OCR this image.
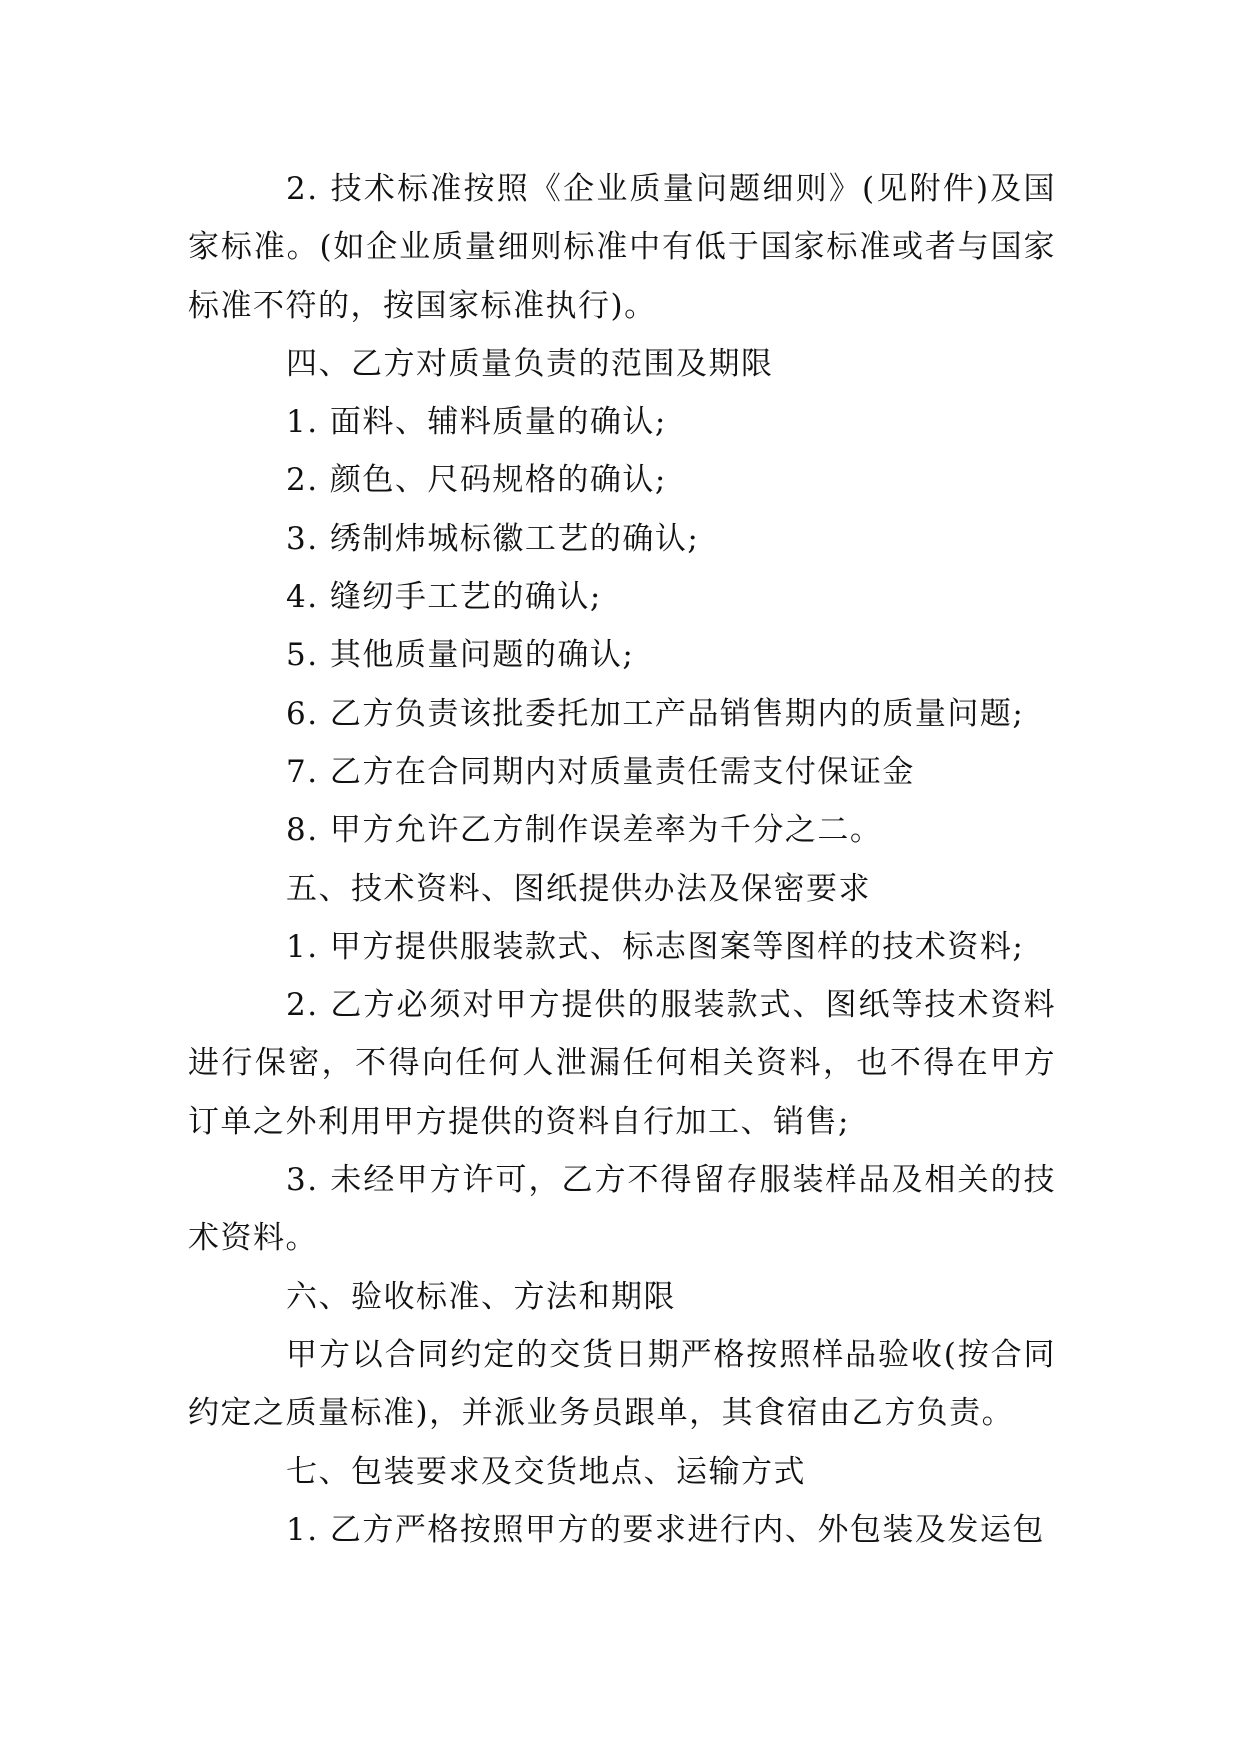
2. 技术标准按照《企业质量问题细则》(见附件)及国家标准。(如企业质量细则标准中有低于国家标准或者与国家标准不符的，按国家标准执行)。

四、乙方对质量负责的范围及期限

1. 面料、辅料质量的确认;

2. 颜色、尺码规格的确认;

3. 绣制炜城标徽工艺的确认;

4. 缝纫手工艺的确认;

5. 其他质量问题的确认;

6. 乙方负责该批委托加工产品销售期内的质量问题;

7. 乙方在合同期内对质量责任需支付保证金

8. 甲方允许乙方制作误差率为千分之二。

五、技术资料、图纸提供办法及保密要求

1. 甲方提供服装款式、标志图案等图样的技术资料;

2. 乙方必须对甲方提供的服装款式、图纸等技术资料进行保密，不得向任何人泄漏任何相关资料，也不得在甲方订单之外利用甲方提供的资料自行加工、销售;

3. 未经甲方许可，乙方不得留存服装样品及相关的技术资料。

六、验收标准、方法和期限

甲方以合同约定的交货日期严格按照样品验收(按合同约定之质量标准)，并派业务员跟单，其食宿由乙方负责。

七、包装要求及交货地点、运输方式

1. 乙方严格按照甲方的要求进行内、外包装及发运包
